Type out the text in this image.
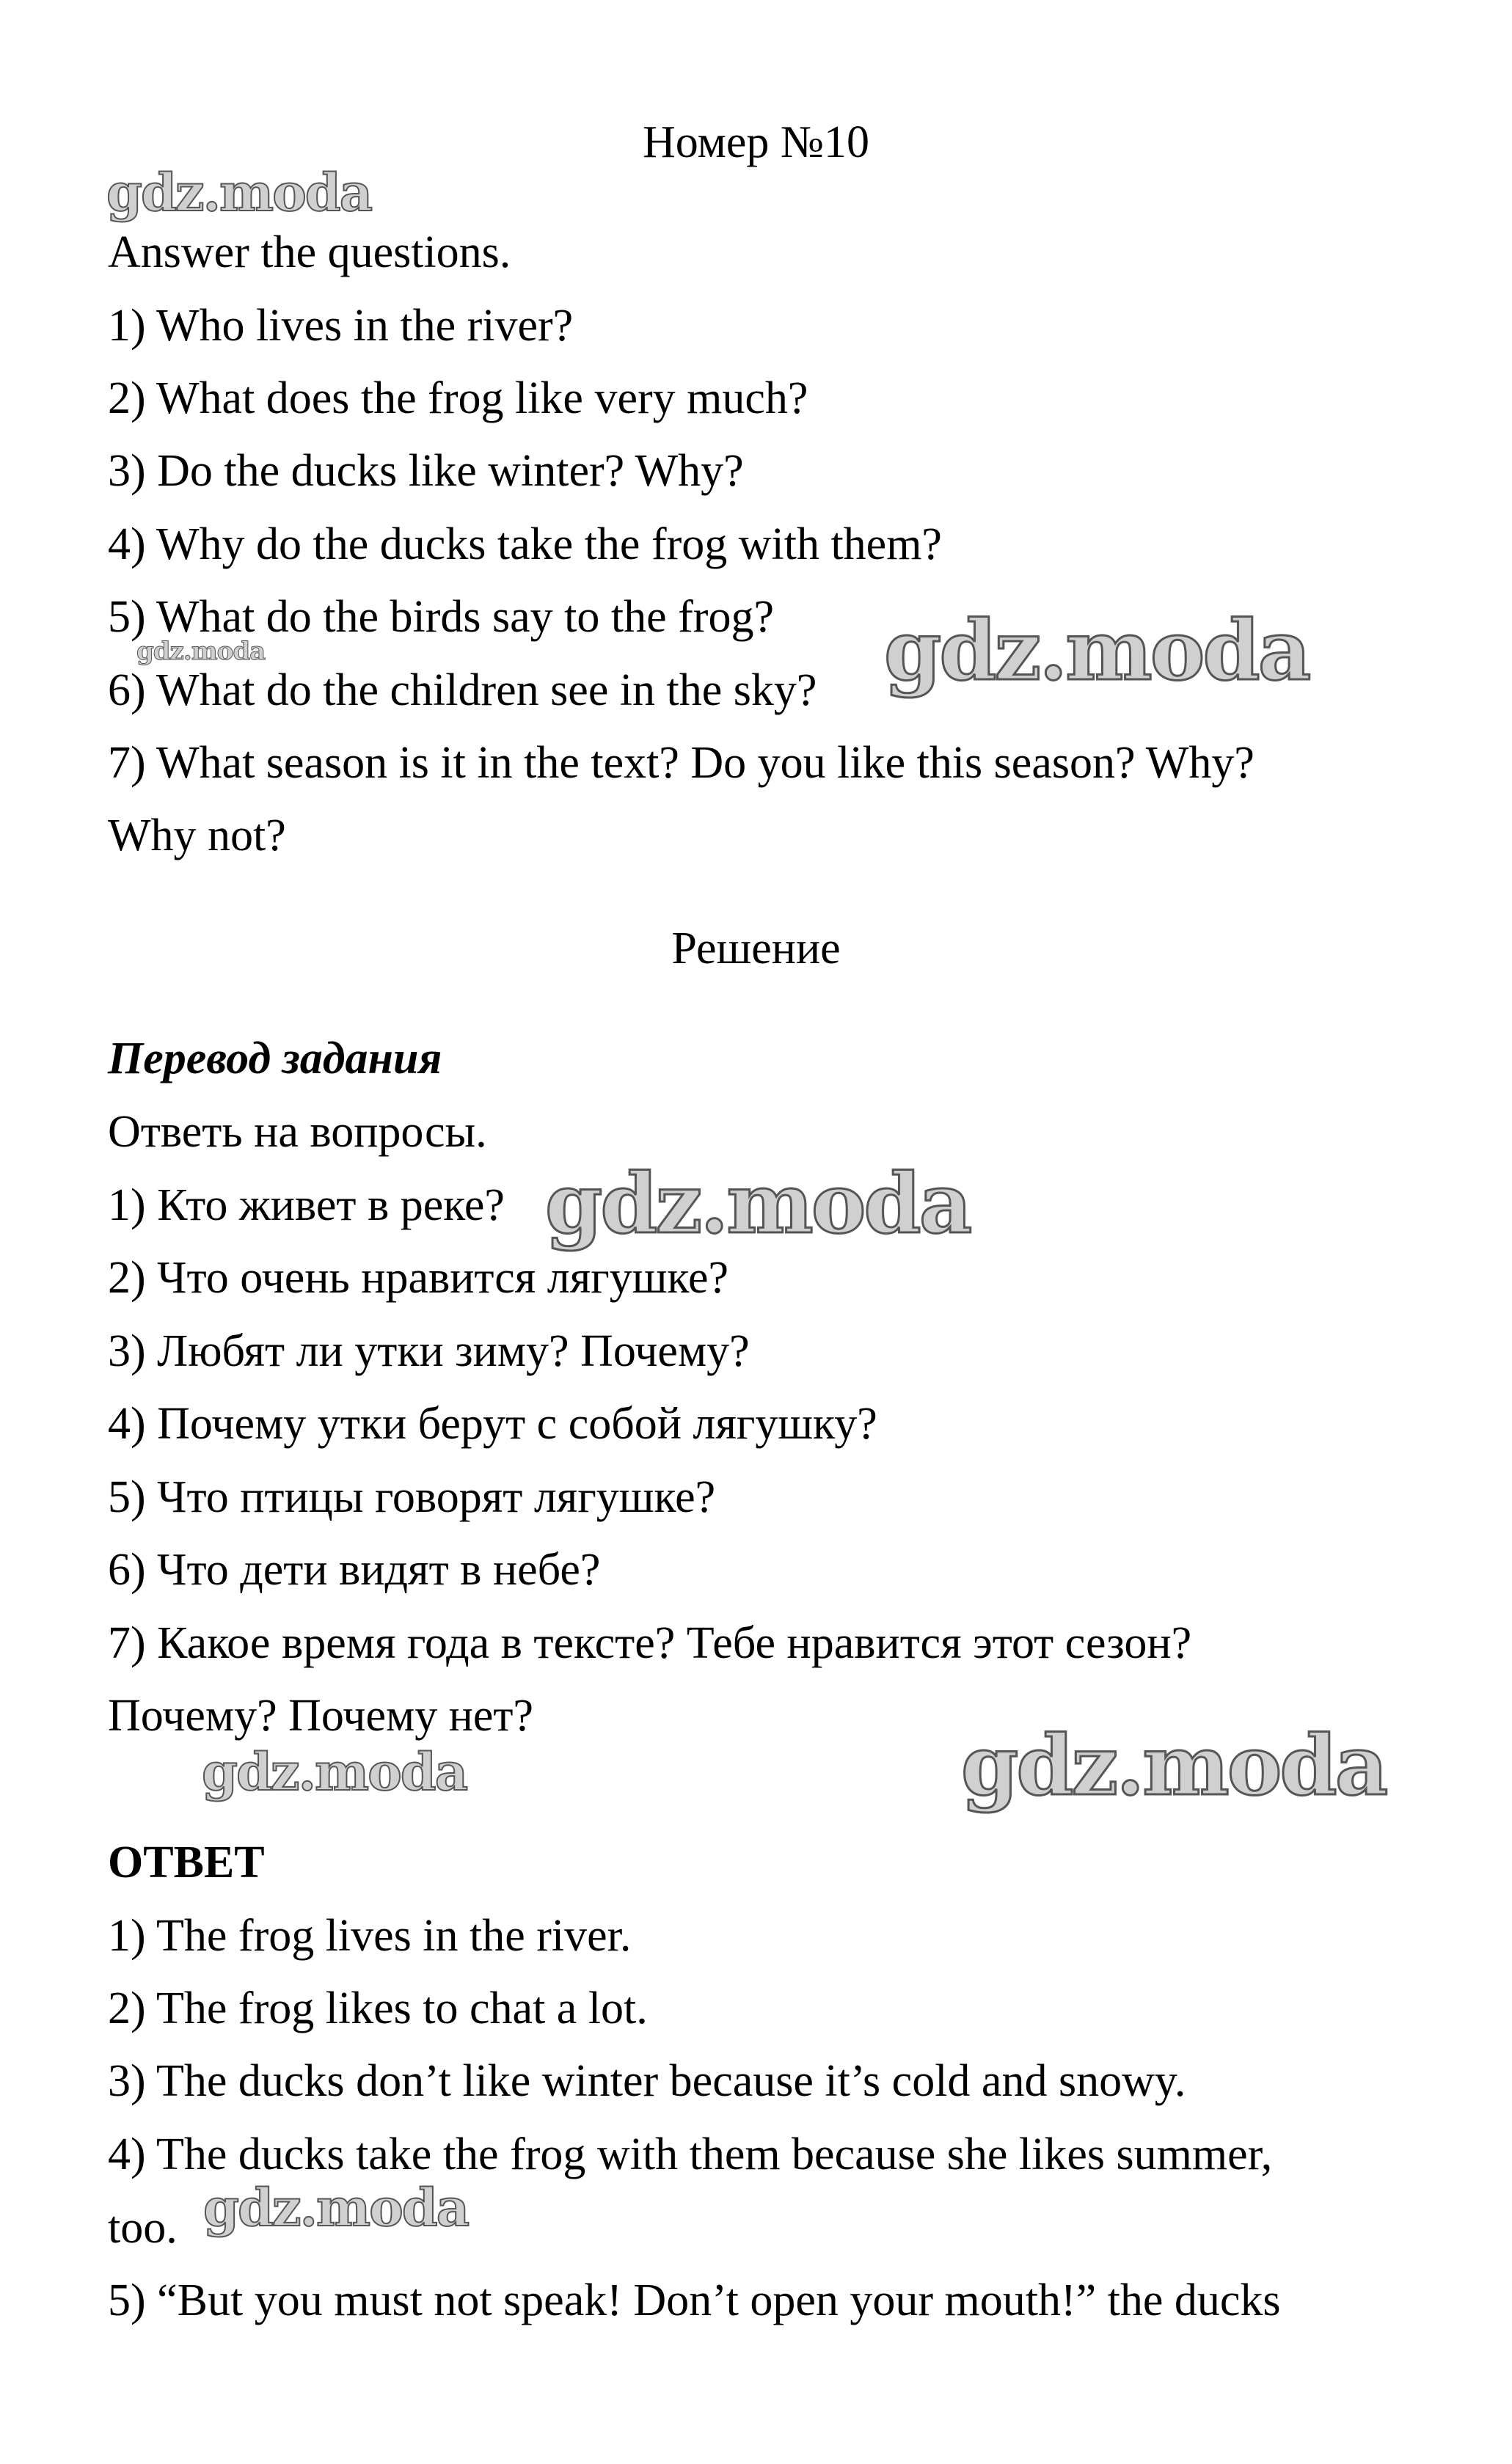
Номер №10
Answer the questions.
1) Who lives in the river?
2) What does the frog like very much?
3) Do the ducks like winter? Why?
4) Why do the ducks take the frog with them?
5) What do the birds say to the frog?
6) What do the children see in the sky?
7) What season is it in the text? Do you like this season? Why?
Why not?
Решение
Перевод задания
Ответь на вопросы.
1) Кто живет в реке?
2) Что очень нравится лягушке?
3) Любят ли утки зиму? Почему?
4) Почему утки берут с собой лягушку?
5) Что птицы говорят лягушке?
6) Что дети видят в небе?
7) Какое время года в тексте? Тебе нравится этот сезон?
Почему? Почему нет?
ОТВЕТ
1) The frog lives in the river.
2) The frog likes to chat a lot.
3) The ducks don’t like winter because it’s cold and snowy.
4) The ducks take the frog with them because she likes summer,
too.
5) “But you must not speak! Don’t open your mouth!” the ducks
gdz.moda
gdz.moda	gdz.moda
gdz.moda
gdz.moda	gdz.moda
gdz.moda
